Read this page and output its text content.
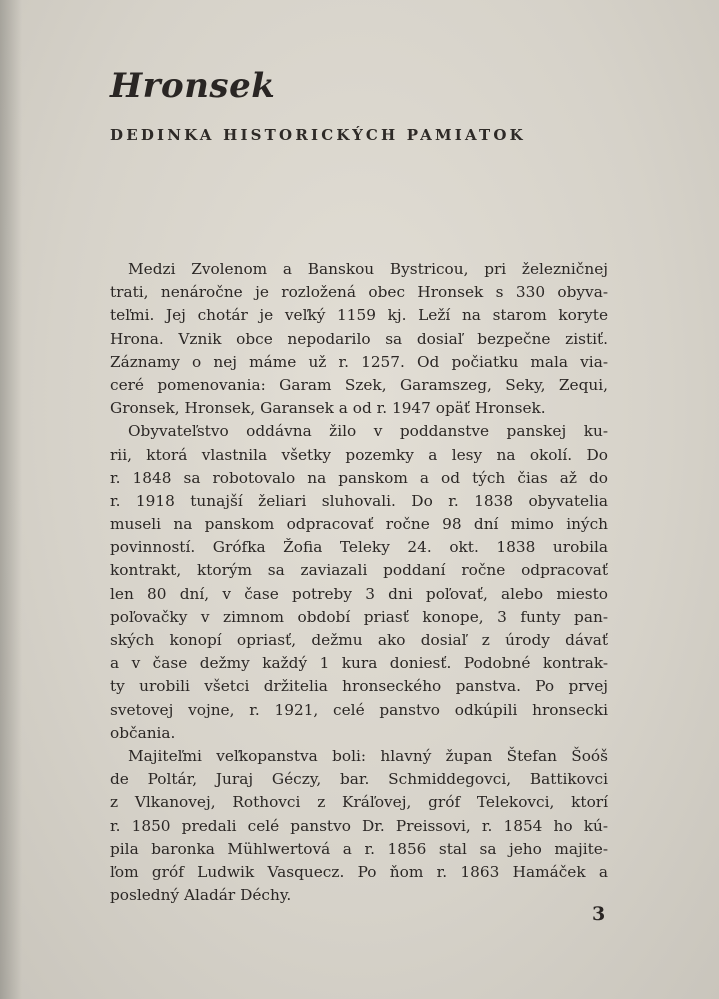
Hronsek
DEDINKA HISTORICKÝCH PAMIATOK
Medzi Zvolenom a Banskou Bystricou, pri železničnej
trati, nenáročne je rozložená obec Hronsek s 330 obyva-
teľmi. Jej chotár je veľký 1159 kj. Leží na starom koryte
Hrona. Vznik obce nepodarilo sa dosiaľ bezpečne zistiť.
Záznamy o nej máme už r. 1257. Od počiatku mala via-
ceré pomenovania: Garam Szek, Garamszeg, Seky, Zequi,
Gronsek, Hronsek, Garansek a od r. 1947 opäť Hronsek.
Obyvateľstvo oddávna žilo v poddanstve panskej ku-
rii, ktorá vlastnila všetky pozemky a lesy na okolí. Do
r. 1848 sa robotovalo na panskom a od tých čias až do
r. 1918 tunajší želiari sluhovali. Do r. 1838 obyvatelia
museli na panskom odpracovať ročne 98 dní mimo iných
povinností. Grófka Žofia Teleky 24. okt. 1838 urobila
kontrakt, ktorým sa zaviazali poddaní ročne odpracovať
len 80 dní, v čase potreby 3 dni poľovať, alebo miesto
poľovačky v zimnom období priasť konope, 3 funty pan-
ských konopí opriasť, dežmu ako dosiaľ z úrody dávať
a v čase dežmy každý 1 kura doniesť. Podobné kontrak-
ty urobili všetci držitelia hronseckého panstva. Po prvej
svetovej vojne, r. 1921, celé panstvo odkúpili hronsecki
občania.
Majiteľmi veľkopanstva boli: hlavný župan Štefan Šoóš
de Poltár, Juraj Géczy, bar. Schmiddegovci, Battikovci
z Vlkanovej, Rothovci z Kráľovej, gróf Telekovci, ktorí
r. 1850 predali celé panstvo Dr. Preissovi, r. 1854 ho kú-
pila baronka Mühlwertová a r. 1856 stal sa jeho majite-
ľom gróf Ludwik Vasquecz. Po ňom r. 1863 Hamáček a
posledný Aladár Déchy.
3
